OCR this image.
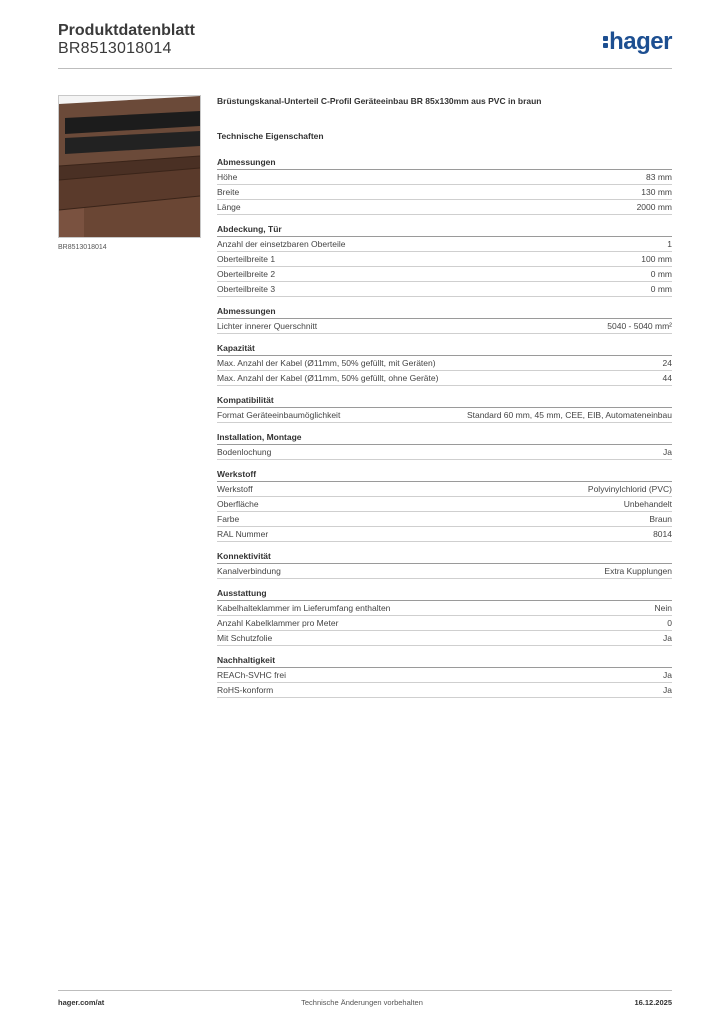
Produktdatenblatt
BR8513018014	hager
BR8513018014
Brüstungskanal-Unterteil C-Profil Geräteeinbau BR 85x130mm aus PVC in braun
Technische Eigenschaften
Abmessungen
Höhe	83 mm
Breite	130 mm
Länge	2000 mm
Abdeckung, Tür
Anzahl der einsetzbaren Oberteile	1
Oberteilbreite 1	100 mm
Oberteilbreite 2	0 mm
Oberteilbreite 3	0 mm
Abmessungen
Lichter innerer Querschnitt	5040 - 5040 mm²
Kapazität
Max. Anzahl der Kabel (Ø11mm, 50% gefüllt, mit Geräten)	24
Max. Anzahl der Kabel (Ø11mm, 50% gefüllt, ohne Geräte)	44
Kompatibilität
Format Geräteeinbaumöglichkeit	Standard 60 mm, 45 mm, CEE, EIB, Automateneinbau
Installation, Montage
Bodenlochung	Ja
Werkstoff
Werkstoff	Polyvinylchlorid (PVC)
Oberfläche	Unbehandelt
Farbe	Braun
RAL Nummer	8014
Konnektivität
Kanalverbindung	Extra Kupplungen
Ausstattung
Kabelhalteklammer im Lieferumfang enthalten	Nein
Anzahl Kabelklammer pro Meter	0
Mit Schutzfolie	Ja
Nachhaltigkeit
REACh-SVHC frei	Ja
RoHS-konform	Ja
hager.com/at	Technische Änderungen vorbehalten	16.12.2025
